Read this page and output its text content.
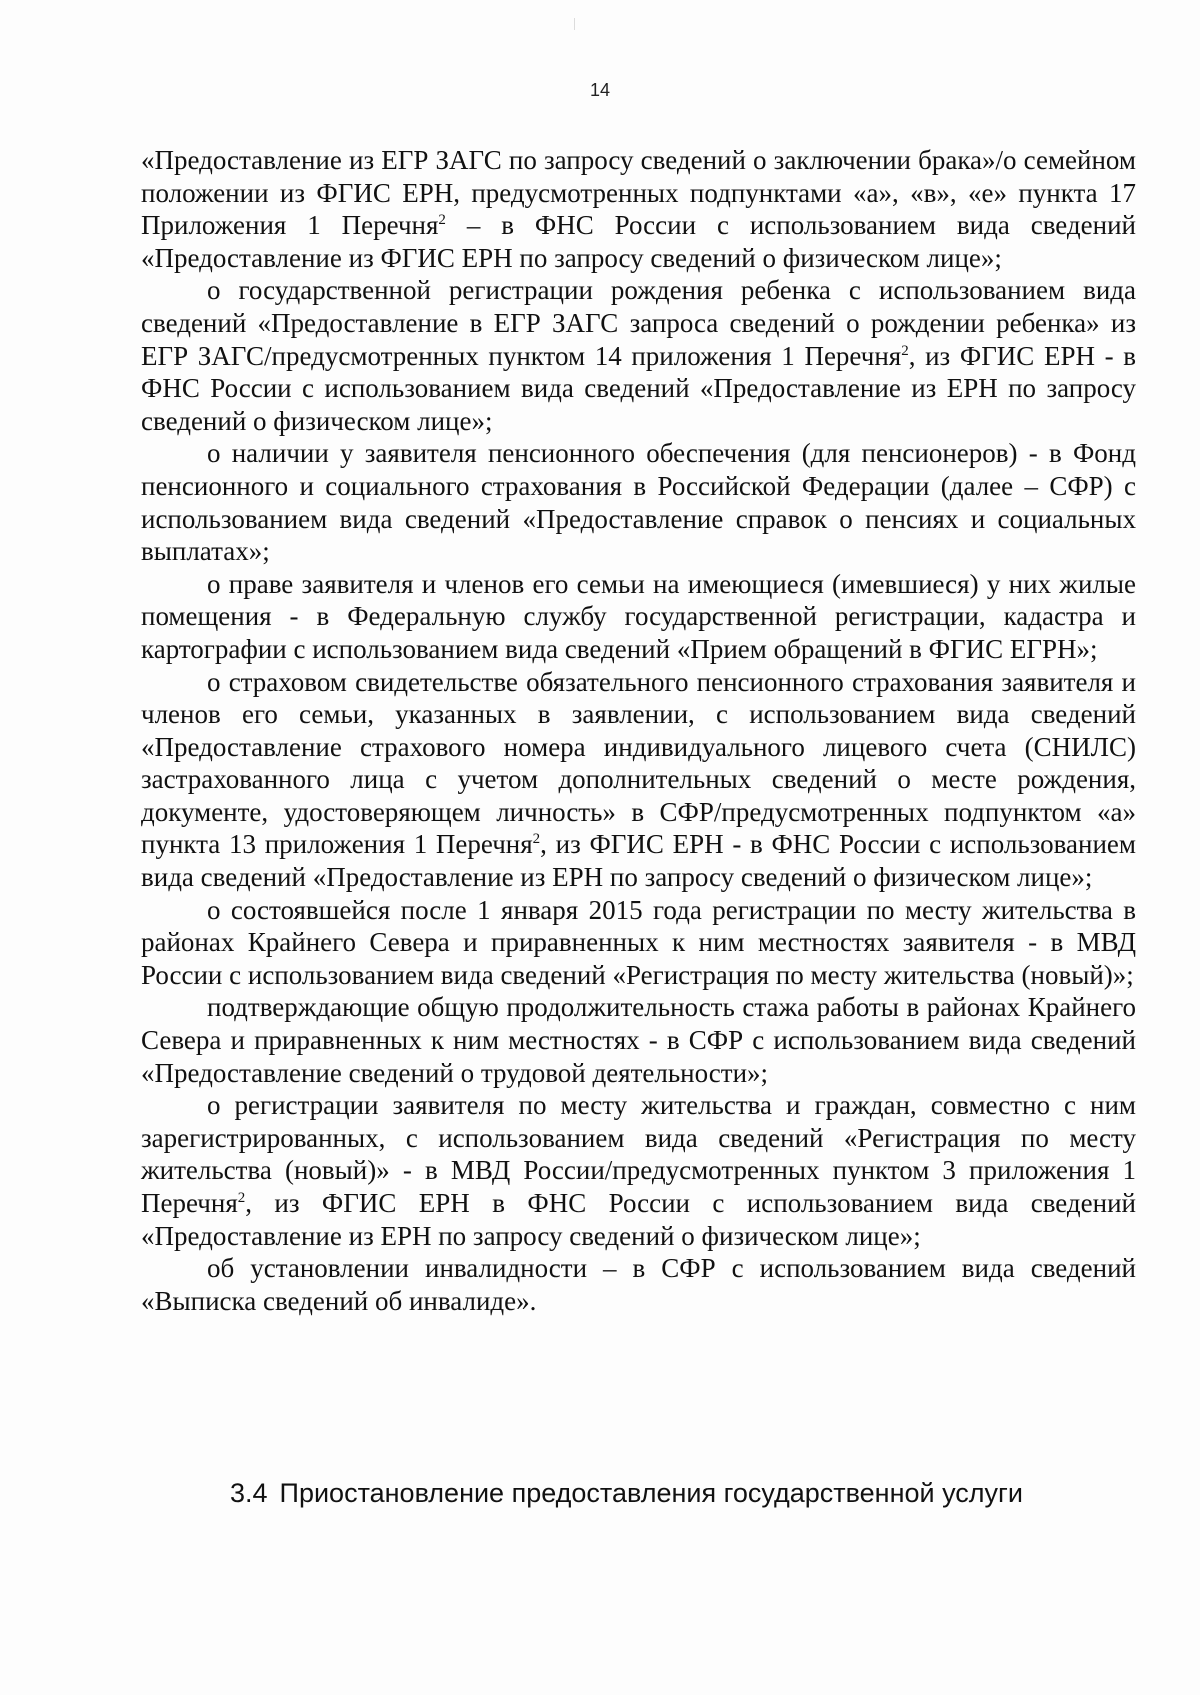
14

«Предоставление из ЕГР ЗАГС по запросу сведений о заключении брака»/о семейном положении из ФГИС ЕРН, предусмотренных подпунктами «а», «в», «е» пункта 17 Приложения 1 Перечня$^2$ – в ФНС России с использованием вида сведений «Предоставление из ФГИС ЕРН по запросу сведений о физическом лице»;

о государственной регистрации рождения ребенка с использованием вида сведений «Предоставление в ЕГР ЗАГС запроса сведений о рождении ребенка» из ЕГР ЗАГС/предусмотренных пунктом 14 приложения 1 Перечня$^2$, из ФГИС ЕРН - в ФНС России с использованием вида сведений «Предоставление из ЕРН по запросу сведений о физическом лице»;

о наличии у заявителя пенсионного обеспечения (для пенсионеров) - в Фонд пенсионного и социального страхования в Российской Федерации (далее – СФР) с использованием вида сведений «Предоставление справок о пенсиях и социальных выплатах»;

о праве заявителя и членов его семьи на имеющиеся (имевшиеся) у них жилые помещения - в Федеральную службу государственной регистрации, кадастра и картографии с использованием вида сведений «Прием обращений в ФГИС ЕГРН»;

о страховом свидетельстве обязательного пенсионного страхования заявителя и членов его семьи, указанных в заявлении, с использованием вида сведений «Предоставление страхового номера индивидуального лицевого счета (СНИЛС) застрахованного лица с учетом дополнительных сведений о месте рождения, документе, удостоверяющем личность» в СФР/предусмотренных подпунктом «а» пункта 13 приложения 1 Перечня$^2$, из ФГИС ЕРН - в ФНС России с использованием вида сведений «Предоставление из ЕРН по запросу сведений о физическом лице»;

о состоявшейся после 1 января 2015 года регистрации по месту жительства в районах Крайнего Севера и приравненных к ним местностях заявителя - в МВД России с использованием вида сведений «Регистрация по месту жительства (новый)»;

подтверждающие общую продолжительность стажа работы в районах Крайнего Севера и приравненных к ним местностях - в СФР с использованием вида сведений «Предоставление сведений о трудовой деятельности»;

о регистрации заявителя по месту жительства и граждан, совместно с ним зарегистрированных, с использованием вида сведений «Регистрация по месту жительства (новый)» - в МВД России/предусмотренных пунктом 3 приложения 1 Перечня$^2$, из ФГИС ЕРН в ФНС России с использованием вида сведений «Предоставление из ЕРН по запросу сведений о физическом лице»;

об установлении инвалидности – в СФР с использованием вида сведений «Выписка сведений об инвалиде».

3.4 Приостановление предоставления государственной услуги
